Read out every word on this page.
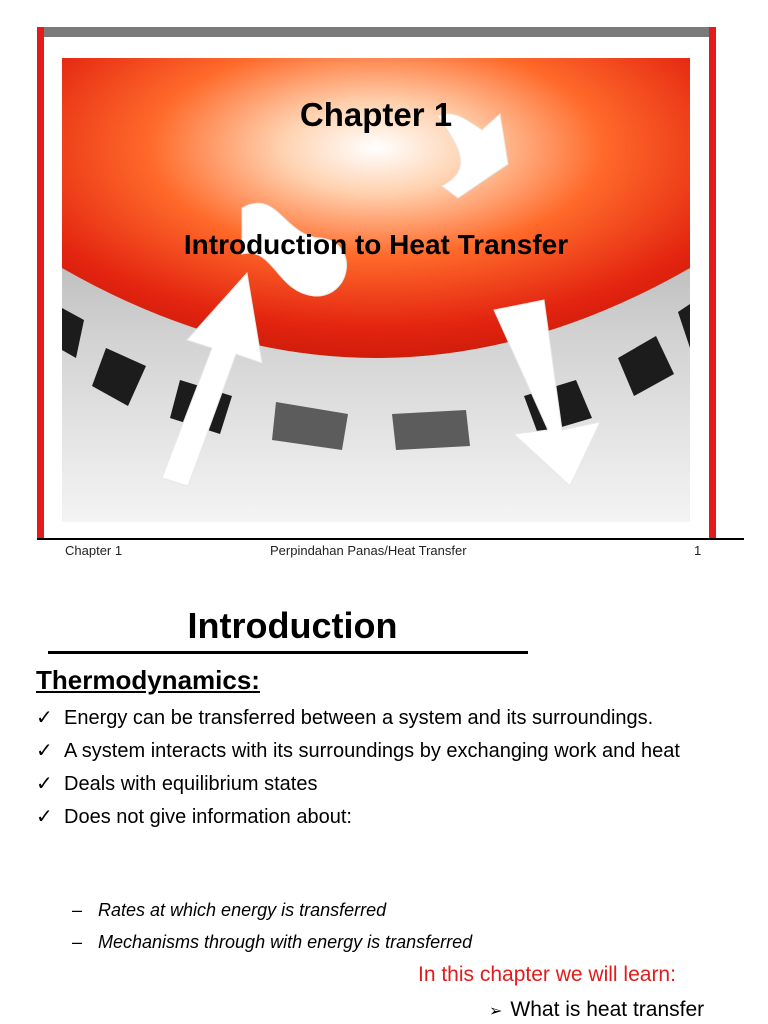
Chapter 1
Introduction to Heat Transfer
Chapter 1	Perpindahan Panas/Heat Transfer	1
Introduction
Thermodynamics:
✓ Energy can be transferred between a system and its surroundings.
✓ A system interacts with its surroundings by exchanging work and heat
✓ Deals with equilibrium states
✓ Does not give information about:
– Rates at which energy is transferred
– Mechanisms through with energy is transferred
In this chapter we will learn:
➢ What is heat transfer
